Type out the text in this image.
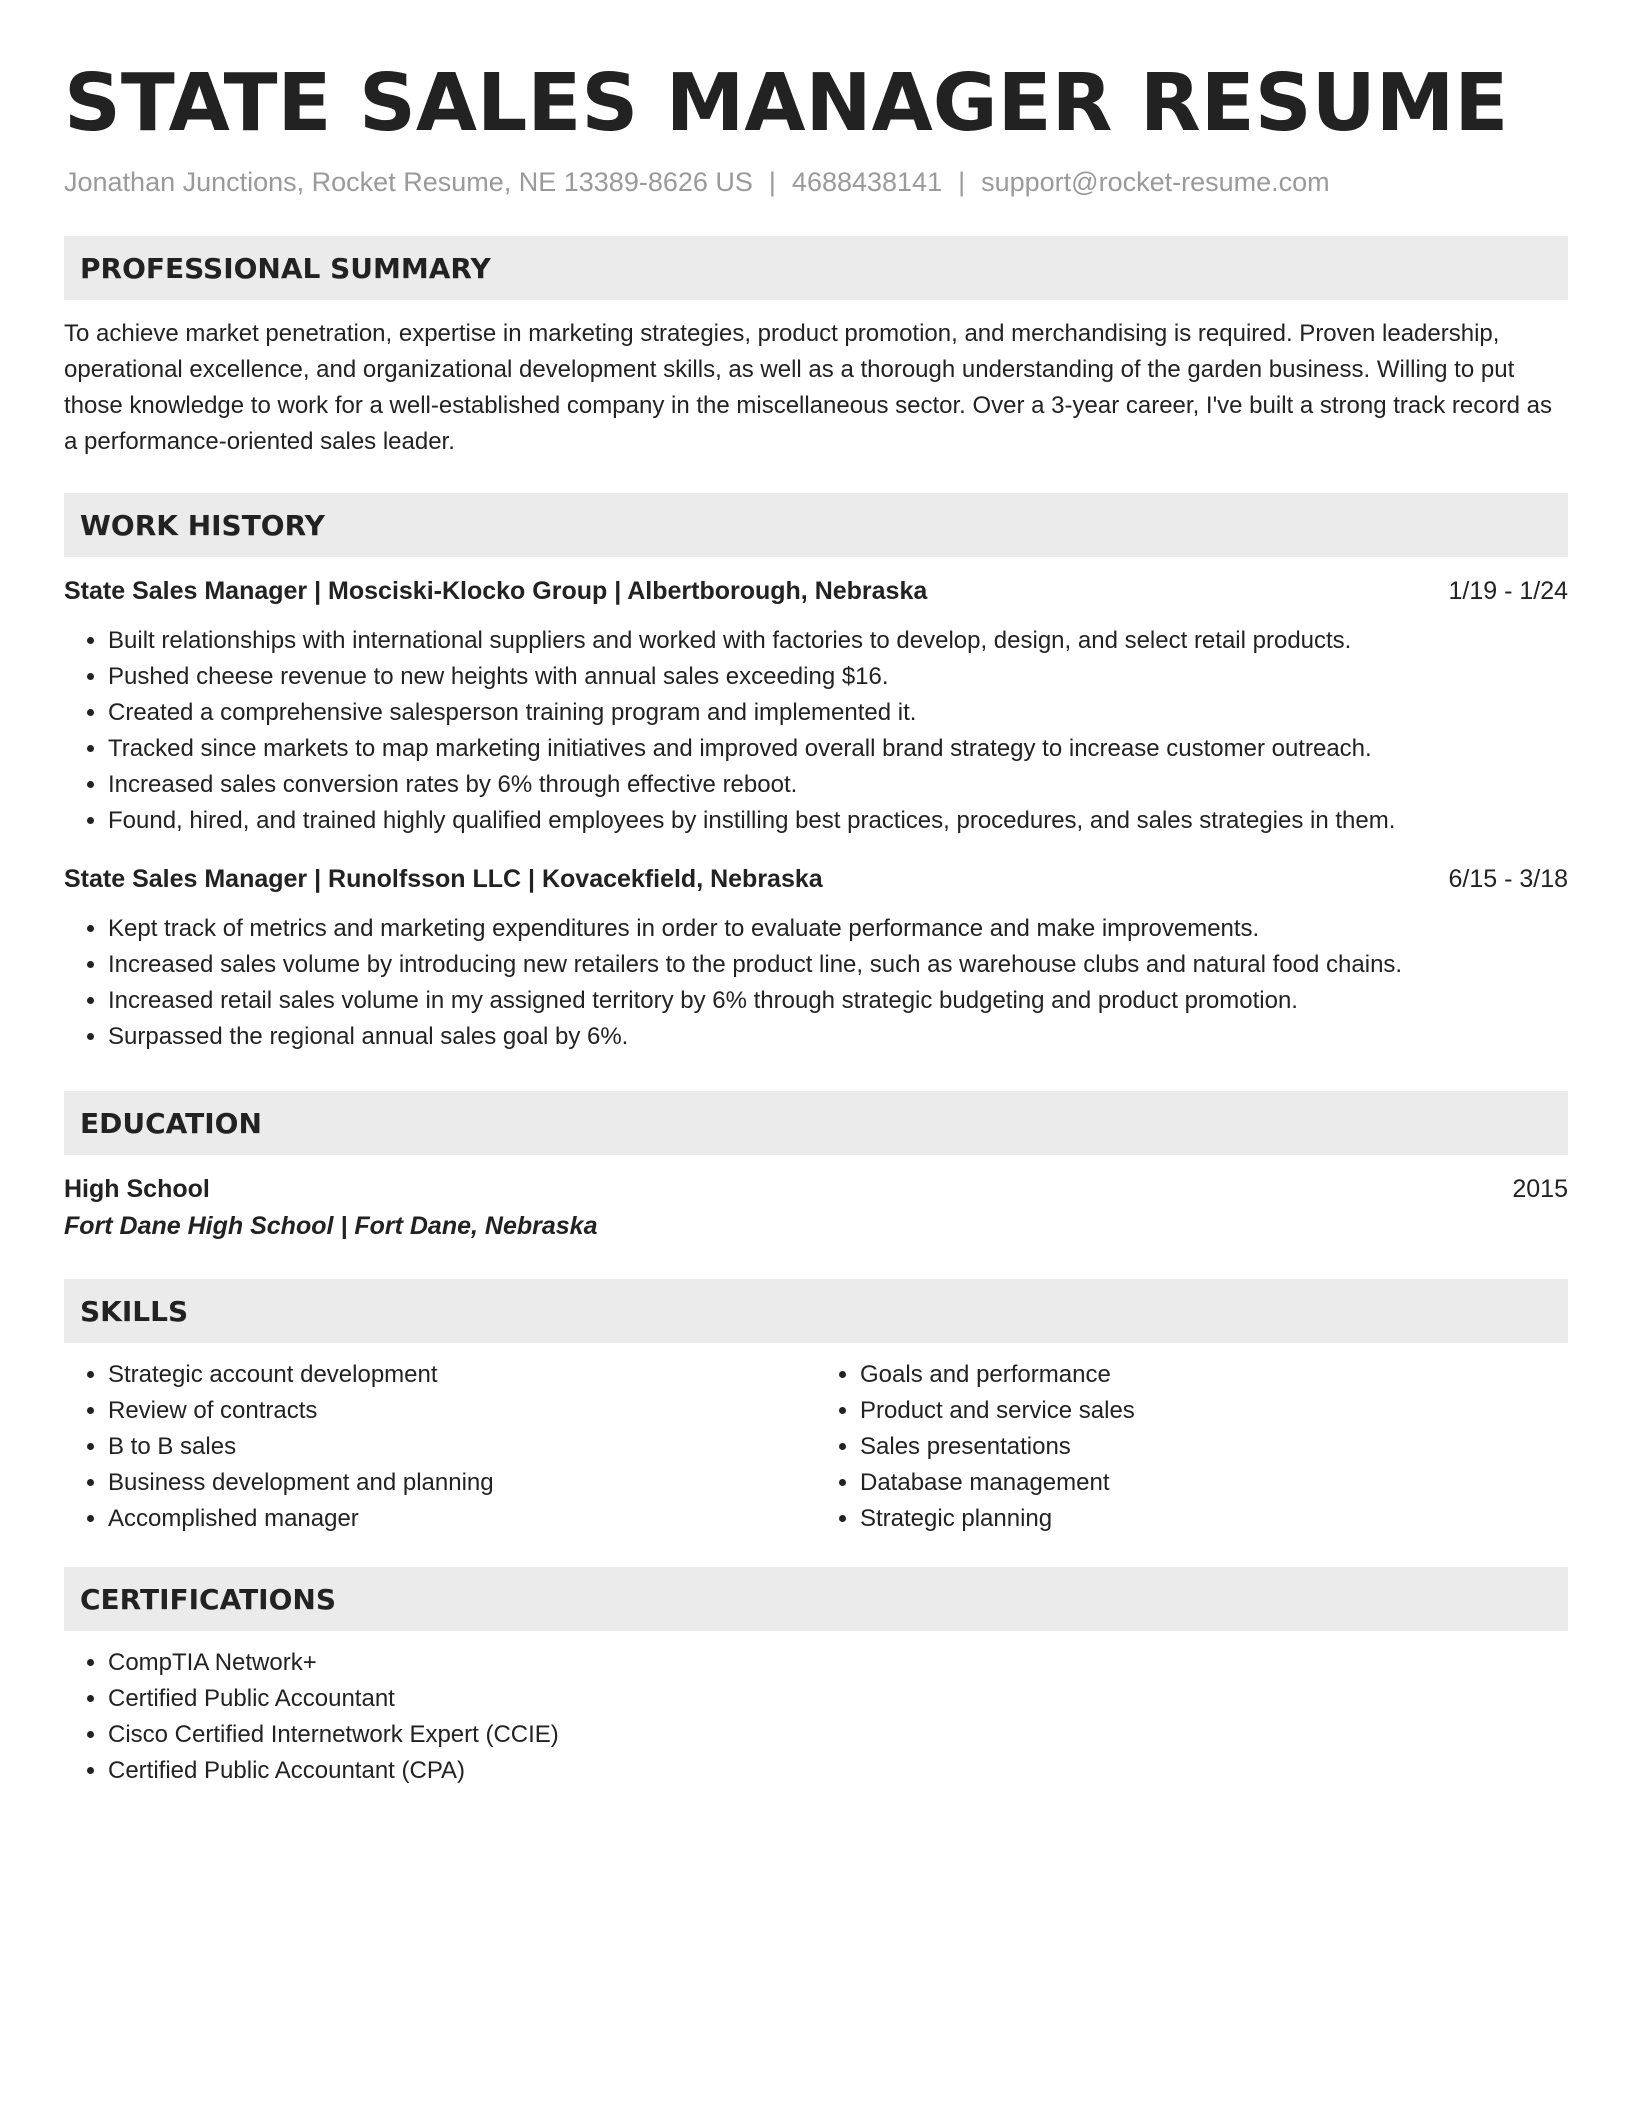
STATE SALES MANAGER RESUME
Jonathan Junctions, Rocket Resume, NE 13389-8626 US | 4688438141 | support@rocket-resume.com
PROFESSIONAL SUMMARY

To achieve market penetration, expertise in marketing strategies, product promotion, and merchandising is required. Proven leadership, operational excellence, and organizational development skills, as well as a thorough understanding of the garden business. Willing to put those knowledge to work for a well-established company in the miscellaneous sector. Over a 3-year career, I've built a strong track record as a performance-oriented sales leader.

WORK HISTORY
State Sales Manager | Mosciski-Klocko Group | Albertborough, Nebraska	1/19 - 1/24
• Built relationships with international suppliers and worked with factories to develop, design, and select retail products.
• Pushed cheese revenue to new heights with annual sales exceeding $16.
• Created a comprehensive salesperson training program and implemented it.
• Tracked since markets to map marketing initiatives and improved overall brand strategy to increase customer outreach.
• Increased sales conversion rates by 6% through effective reboot.
• Found, hired, and trained highly qualified employees by instilling best practices, procedures, and sales strategies in them.
State Sales Manager | Runolfsson LLC | Kovacekfield, Nebraska	6/15 - 3/18
• Kept track of metrics and marketing expenditures in order to evaluate performance and make improvements.
• Increased sales volume by introducing new retailers to the product line, such as warehouse clubs and natural food chains.
• Increased retail sales volume in my assigned territory by 6% through strategic budgeting and product promotion.
• Surpassed the regional annual sales goal by 6%.
EDUCATION
High School	2015
Fort Dane High School | Fort Dane, Nebraska
SKILLS
• Strategic account development
• Review of contracts
• B to B sales
• Business development and planning
• Accomplished manager
• Goals and performance
• Product and service sales
• Sales presentations
• Database management
• Strategic planning
CERTIFICATIONS
• CompTIA Network+
• Certified Public Accountant
• Cisco Certified Internetwork Expert (CCIE)
• Certified Public Accountant (CPA)
